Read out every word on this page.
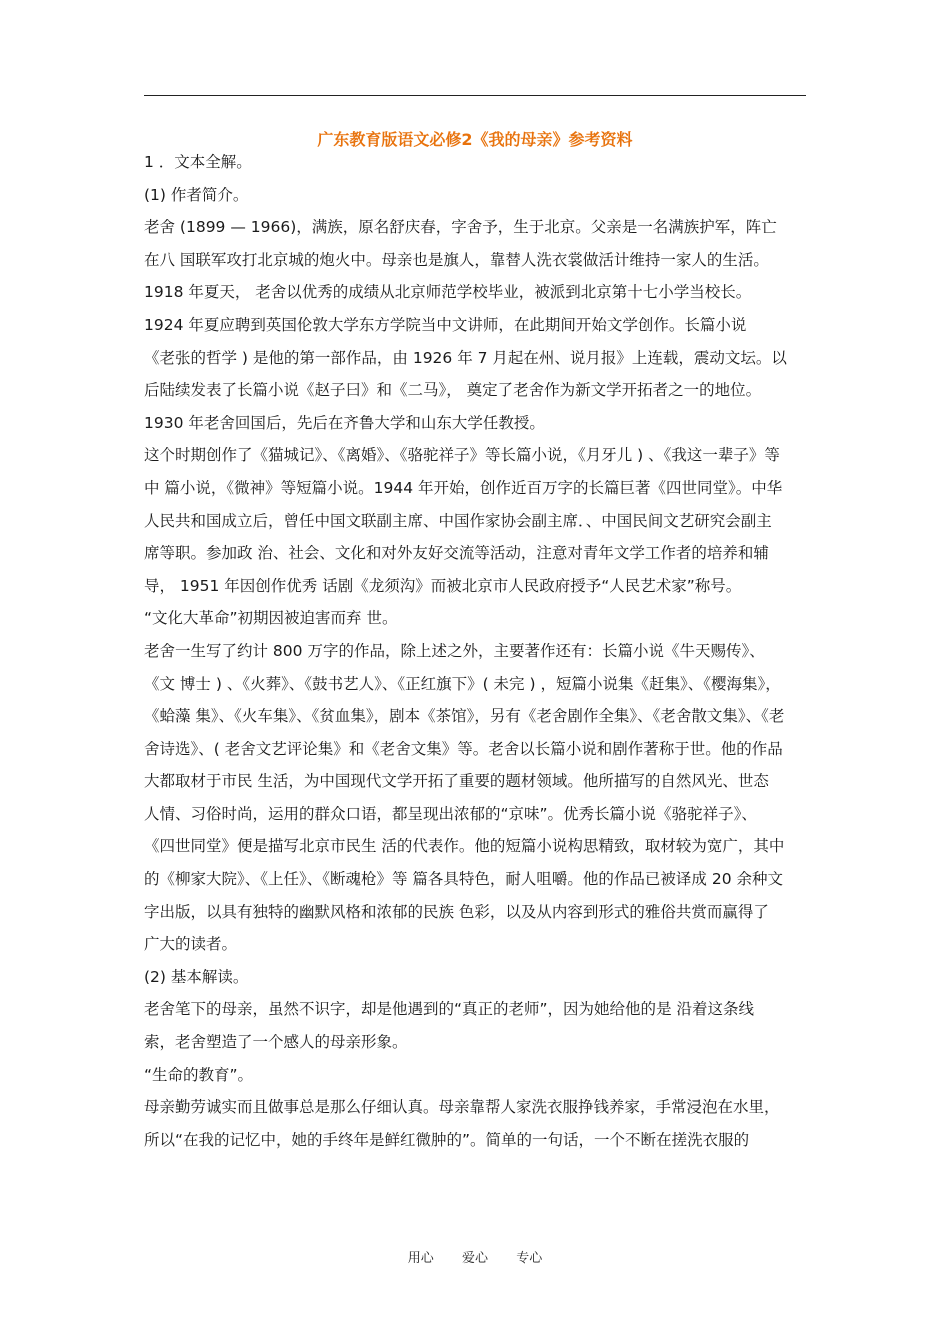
广东教育版语文必修2《我的母亲》参考资料
1 ．文本全解。
(1) 作者简介。
老舍 (1899 — 1966)，满族，原名舒庆春，字舍予，生于北京。父亲是一名满族护军，阵亡
在八 国联军攻打北京城的炮火中。母亲也是旗人，靠替人洗衣裳做活计维持一家人的生活。
1918 年夏天， 老舍以优秀的成绩从北京师范学校毕业，被派到北京第十七小学当校长。
1924 年夏应聘到英国伦敦大学东方学院当中文讲师，在此期间开始文学创作。长篇小说
《老张的哲学 ) 是他的第一部作品，由 1926 年 7 月起在州、说月报》上连载，震动文坛。以
后陆续发表了长篇小说《赵子曰》和《二马》， 奠定了老舍作为新文学开拓者之一的地位。
1930 年老舍回国后，先后在齐鲁大学和山东大学任教授。
这个时期创作了《猫城记》、《离婚》、《骆驼祥子》等长篇小说，《月牙儿 ) 、《我这一辈子》等
中 篇小说，《微神》等短篇小说。1944 年开始，创作近百万字的长篇巨著《四世同堂》。中华
人民共和国成立后，曾任中国文联副主席、中国作家协会副主席．、中国民间文艺研究会副主
席等职。参加政 治、社会、文化和对外友好交流等活动，注意对青年文学工作者的培养和辅
导， 1951 年因创作优秀 话剧《龙须沟》而被北京市人民政府授予“人民艺术家”称号。
“文化大革命”初期因被迫害而弃 世。
老舍一生写了约计 800 万字的作品，除上述之外，主要著作还有：长篇小说《牛天赐传》、
《文 博士 ) 、《火葬》、《鼓书艺人》、《正红旗下》( 未完 ) ，短篇小说集《赶集》、《樱海集》，
《蛤藻 集》、《火车集》、《贫血集》，剧本《茶馆》，另有《老舍剧作全集》、《老舍散文集》、《老
舍诗选》、( 老舍文艺评论集》和《老舍文集》等。老舍以长篇小说和剧作著称于世。他的作品
大都取材于市民 生活，为中国现代文学开拓了重要的题材领域。他所描写的自然风光、世态
人情、习俗时尚，运用的群众口语，都呈现出浓郁的“京味”。优秀长篇小说《骆驼祥子》、
《四世同堂》便是描写北京市民生 活的代表作。他的短篇小说构思精致，取材较为宽广，其中
的《柳家大院》、《上任》、《断魂枪》等 篇各具特色，耐人咀嚼。他的作品已被译成 20 余种文
字出版，以具有独特的幽默风格和浓郁的民族 色彩，以及从内容到形式的雅俗共赏而赢得了
广大的读者。
(2) 基本解读。
老舍笔下的母亲，虽然不识字，却是他遇到的“真正的老师”，因为她给他的是 沿着这条线
索，老舍塑造了一个感人的母亲形象。
“生命的教育”。
母亲勤劳诚实而且做事总是那么仔细认真。母亲靠帮人家洗衣服挣钱养家，手常浸泡在水里，
所以“在我的记忆中，她的手终年是鲜红微肿的”。简单的一句话，一个不断在搓洗衣服的
用心  爱心  专心
